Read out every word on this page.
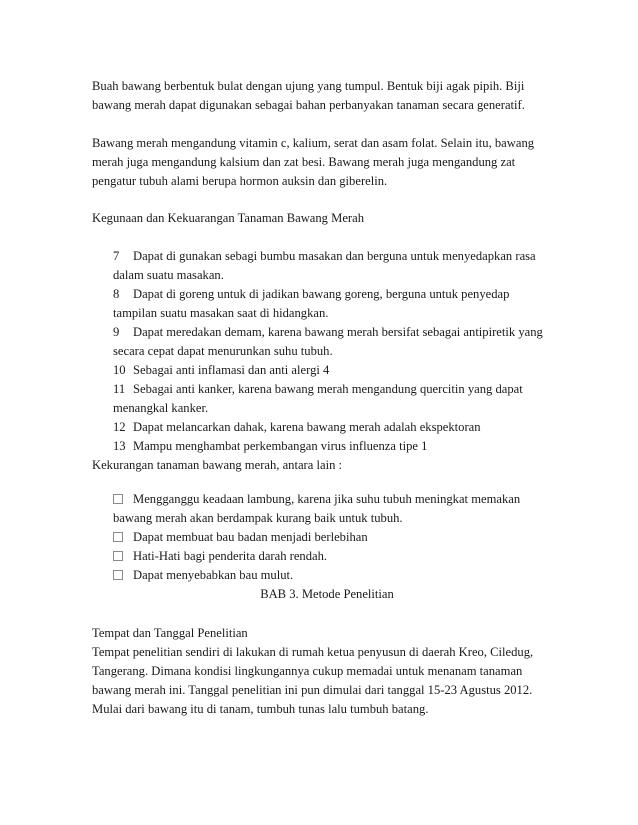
Buah bawang berbentuk bulat dengan ujung yang tumpul. Bentuk biji agak pipih. Biji
bawang merah dapat digunakan sebagai bahan perbanyakan tanaman secara generatif.
Bawang merah mengandung vitamin c, kalium, serat dan asam folat. Selain itu, bawang
merah juga mengandung kalsium dan zat besi. Bawang merah juga mengandung zat
pengatur tubuh alami berupa hormon auksin dan giberelin.
Kegunaan dan Kekuarangan Tanaman Bawang Merah
7 Dapat di gunakan sebagi bumbu masakan dan berguna untuk menyedapkan rasa
dalam suatu masakan.
8 Dapat di goreng untuk di jadikan bawang goreng, berguna untuk penyedap
tampilan suatu masakan saat di hidangkan.
9 Dapat meredakan demam, karena bawang merah bersifat sebagai antipiretik yang
secara cepat dapat menurunkan suhu tubuh.
10 Sebagai anti inflamasi dan anti alergi 4
11 Sebagai anti kanker, karena bawang merah mengandung quercitin yang dapat
menangkal kanker.
12 Dapat melancarkan dahak, karena bawang merah adalah ekspektoran
13 Mampu menghambat perkembangan virus influenza tipe 1
Kekurangan tanaman bawang merah, antara lain :
Mengganggu keadaan lambung, karena jika suhu tubuh meningkat memakan
bawang merah akan berdampak kurang baik untuk tubuh.
Dapat membuat bau badan menjadi berlebihan
Hati-Hati bagi penderita darah rendah.
Dapat menyebabkan bau mulut.
BAB 3. Metode Penelitian
Tempat dan Tanggal Penelitian
Tempat penelitian sendiri di lakukan di rumah ketua penyusun di daerah Kreo, Ciledug,
Tangerang. Dimana kondisi lingkungannya cukup memadai untuk menanam tanaman
bawang merah ini. Tanggal penelitian ini pun dimulai dari tanggal 15-23 Agustus 2012.
Mulai dari bawang itu di tanam, tumbuh tunas lalu tumbuh batang.
